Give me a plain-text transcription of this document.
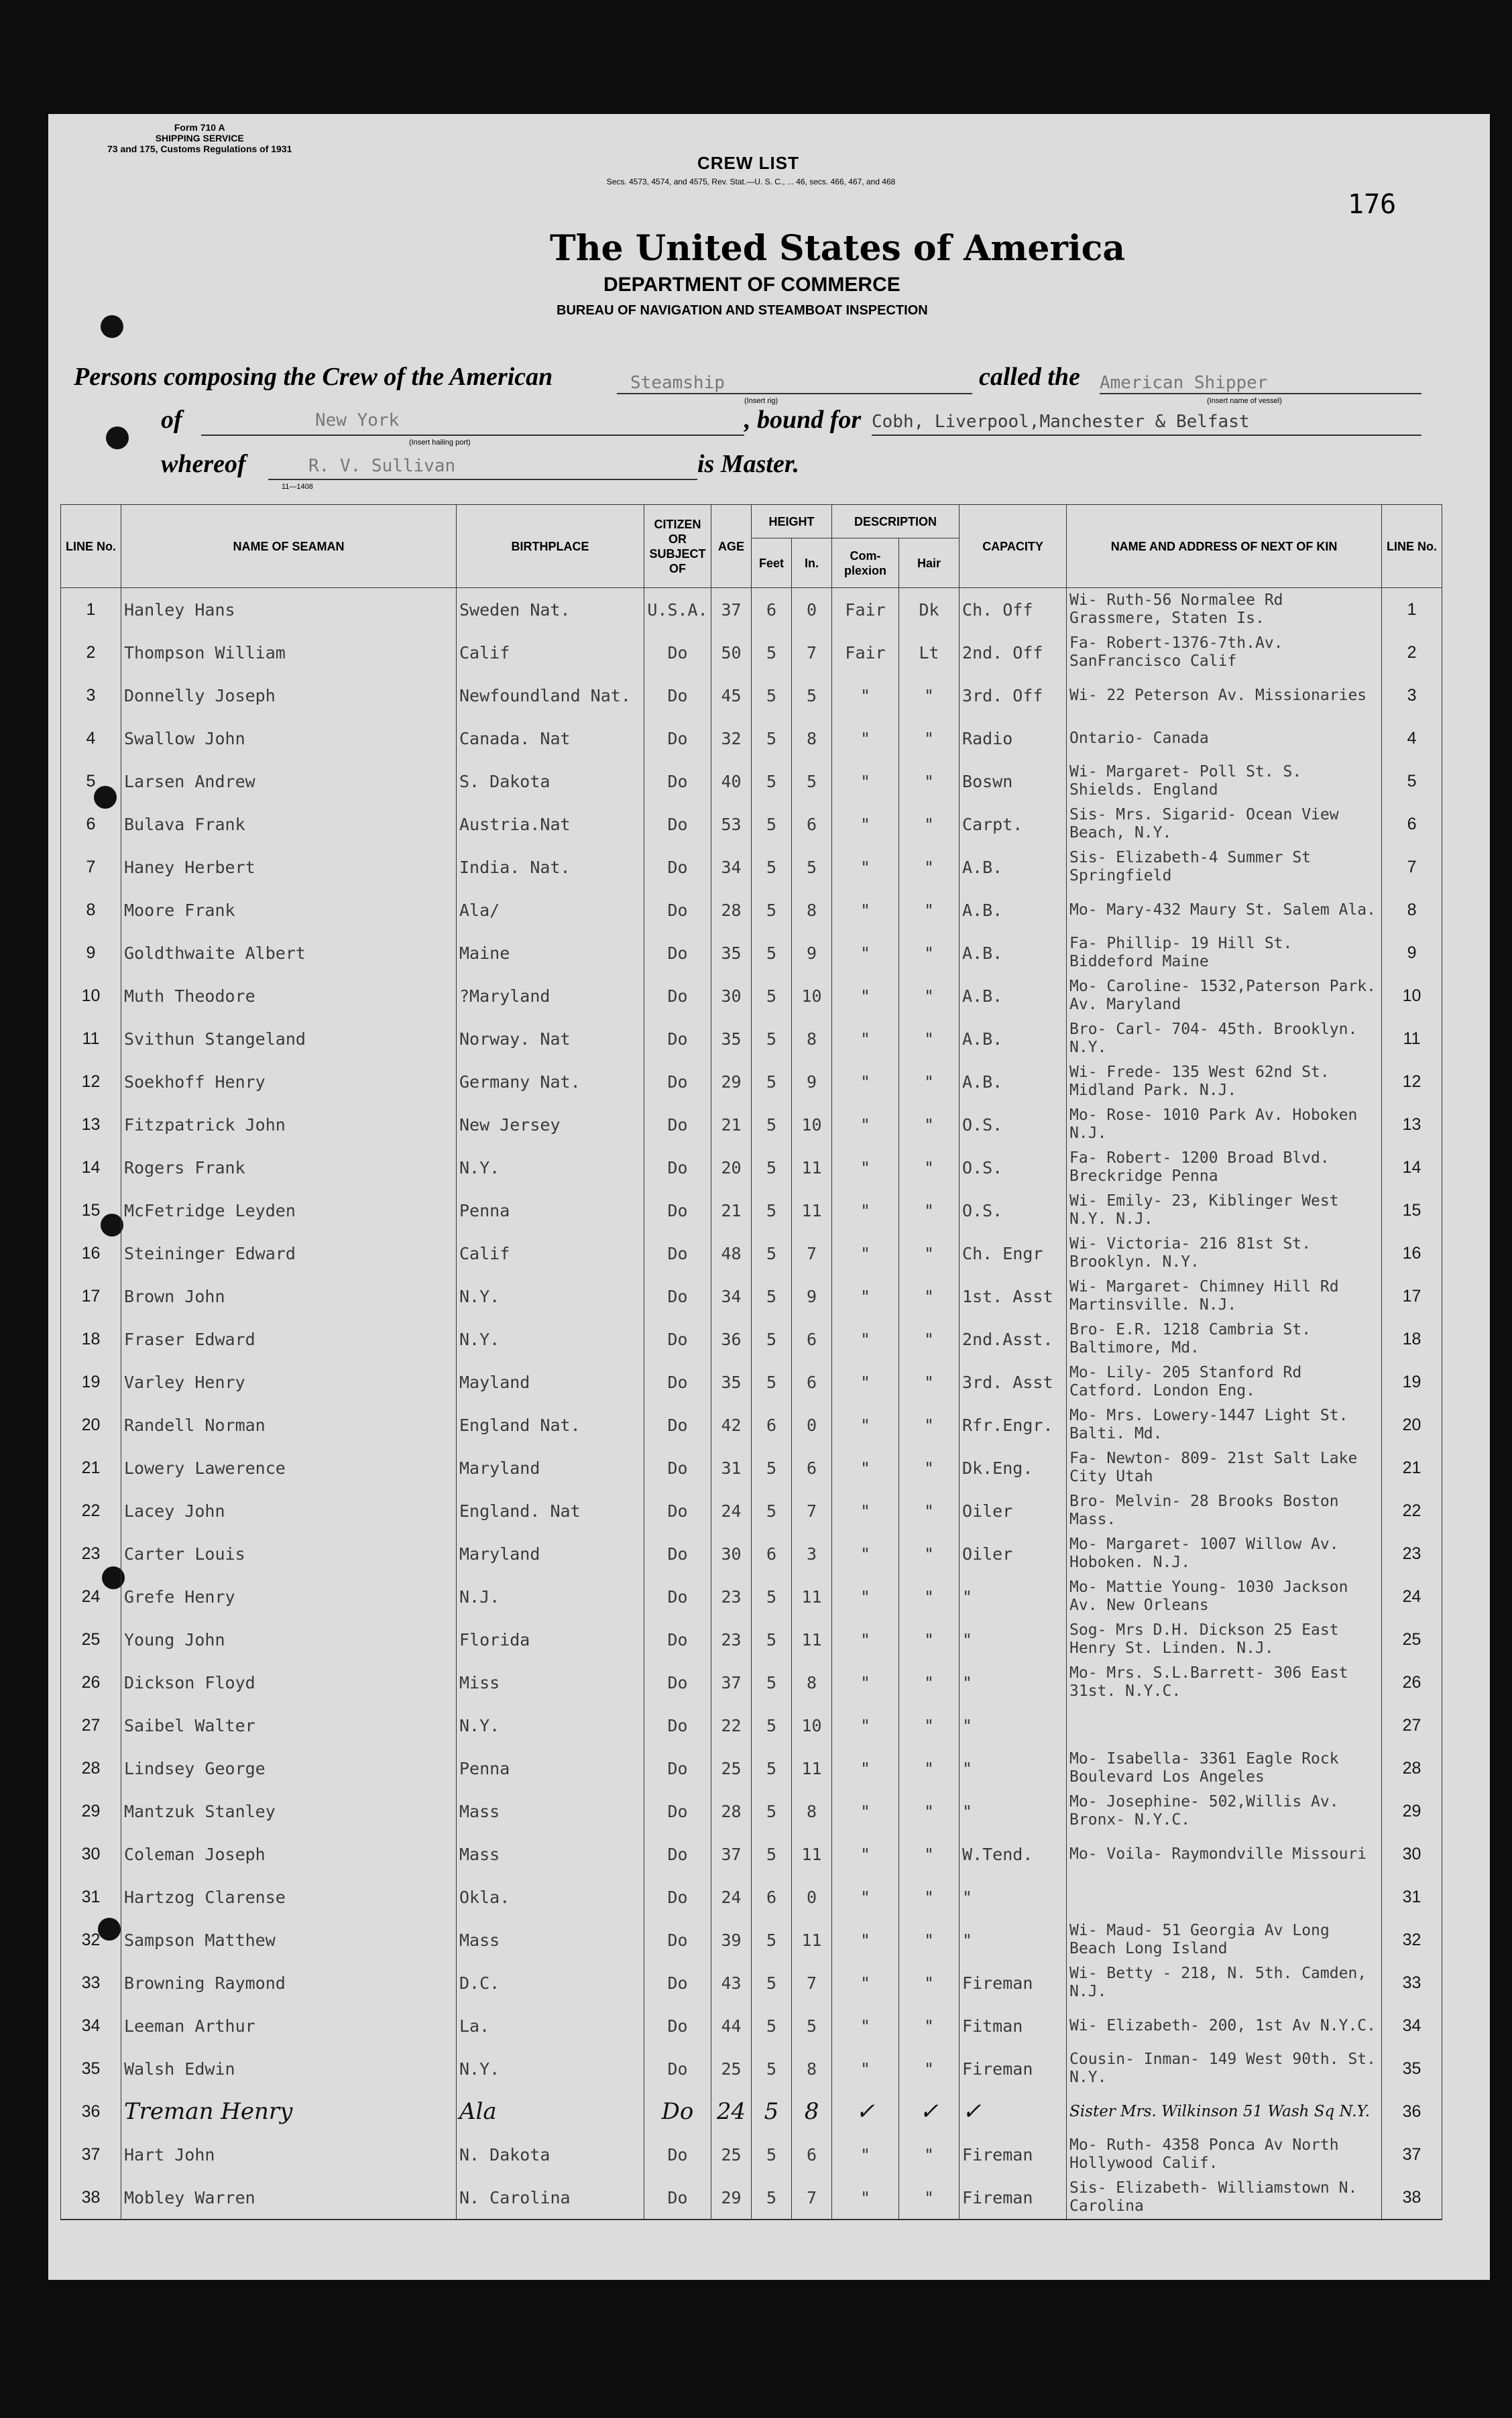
Form 710 A
SHIPPING SERVICE
73 and 175, Customs Regulations of 1931
CREW LIST
Secs. 4573, 4574, and 4575, Rev. Stat.—U. S. C., ... 46, secs. 466, 467, and 468
176
The United States of America
DEPARTMENT OF COMMERCE
BUREAU OF NAVIGATION AND STEAMBOAT INSPECTION
Persons composing the Crew of the American	Steamship
(Insert rig)
called the American Shipper
(Insert name of vessel)
of	New York
(Insert hailing port)
, bound for Cobh, Liverpool,Manchester & Belfast
whereof	R. V. Sullivan
11—1408
is Master.
LINE No.	NAME OF SEAMAN	BIRTHPLACE	CITIZEN OR SUBJECT OF	AGE	HEIGHT		DESCRIPTION		CAPACITY	NAME AND ADDRESS OF NEXT OF KIN	LINE No.
					Feet	In.	Com-plexion	Hair			
1	Hanley Hans	Sweden Nat.	U.S.A.	37	6	0	Fair	Dk	Ch. Off	Wi- Ruth-56 Normalee Rd Grassmere, Staten Is.	1
2	Thompson William	Calif	Do	50	5	7	Fair	Lt	2nd. Off	Fa- Robert-1376-7th.Av. SanFrancisco Calif	2
3	Donnelly Joseph	Newfoundland Nat.	Do	45	5	5	"	"	3rd. Off	Wi- 22 Peterson Av. Missionaries	3
4	Swallow John	Canada. Nat	Do	32	5	8	"	"	Radio	Ontario- Canada	4
5	Larsen Andrew	S. Dakota	Do	40	5	5	"	"	Boswn	Wi- Margaret- Poll St. S. Shields. England	5
6	Bulava Frank	Austria.Nat	Do	53	5	6	"	"	Carpt.	Sis- Mrs. Sigarid- Ocean View Beach, N.Y.	6
7	Haney Herbert	India. Nat.	Do	34	5	5	"	"	A.B.	Sis- Elizabeth-4 Summer St Springfield	7
8	Moore Frank	Ala/	Do	28	5	8	"	"	A.B.	Mo- Mary-432 Maury St. Salem Ala.	8
9	Goldthwaite Albert	Maine	Do	35	5	9	"	"	A.B.	Fa- Phillip- 19 Hill St. Biddeford Maine	9
10	Muth Theodore	?Maryland	Do	30	5	10	"	"	A.B.	Mo- Caroline- 1532,Paterson Park. Av. Maryland	10
11	Svithun Stangeland	Norway. Nat	Do	35	5	8	"	"	A.B.	Bro- Carl- 704- 45th. Brooklyn. N.Y.	11
12	Soekhoff Henry	Germany Nat.	Do	29	5	9	"	"	A.B.	Wi- Frede- 135 West 62nd St. Midland Park. N.J.	12
13	Fitzpatrick John	New Jersey	Do	21	5	10	"	"	O.S.	Mo- Rose- 1010 Park Av. Hoboken N.J.	13
14	Rogers Frank	N.Y.	Do	20	5	11	"	"	O.S.	Fa- Robert- 1200 Broad Blvd. Breckridge Penna	14
15	McFetridge Leyden	Penna	Do	21	5	11	"	"	O.S.	Wi- Emily- 23, Kiblinger West N.Y. N.J.	15
16	Steininger Edward	Calif	Do	48	5	7	"	"	Ch. Engr	Wi- Victoria- 216 81st St. Brooklyn. N.Y.	16
17	Brown John	N.Y.	Do	34	5	9	"	"	1st. Asst	Wi- Margaret- Chimney Hill Rd Martinsville. N.J.	17
18	Fraser Edward	N.Y.	Do	36	5	6	"	"	2nd.Asst.	Bro- E.R. 1218 Cambria St. Baltimore, Md.	18
19	Varley Henry	Mayland	Do	35	5	6	"	"	3rd. Asst	Mo- Lily- 205 Stanford Rd Catford. London Eng.	19
20	Randell Norman	England Nat.	Do	42	6	0	"	"	Rfr.Engr.	Mo- Mrs. Lowery-1447 Light St. Balti. Md.	20
21	Lowery Lawerence	Maryland	Do	31	5	6	"	"	Dk.Eng.	Fa- Newton- 809- 21st Salt Lake City Utah	21
22	Lacey John	England. Nat	Do	24	5	7	"	"	Oiler	Bro- Melvin- 28 Brooks Boston Mass.	22
23	Carter Louis	Maryland	Do	30	6	3	"	"	Oiler	Mo- Margaret- 1007 Willow Av. Hoboken. N.J.	23
24	Grefe Henry	N.J.	Do	23	5	11	"	"	"	Mo- Mattie Young- 1030 Jackson Av. New Orleans	24
25	Young John	Florida	Do	23	5	11	"	"	"	Sog- Mrs D.H. Dickson 25 East Henry St. Linden. N.J.	25
26	Dickson Floyd	Miss	Do	37	5	8	"	"	"	Mo- Mrs. S.L.Barrett- 306 East 31st. N.Y.C.	26
27	Saibel Walter	N.Y.	Do	22	5	10	"	"	"		27
28	Lindsey George	Penna	Do	25	5	11	"	"	"	Mo- Isabella- 3361 Eagle Rock Boulevard Los Angeles	28
29	Mantzuk Stanley	Mass	Do	28	5	8	"	"	"	Mo- Josephine- 502,Willis Av. Bronx- N.Y.C.	29
30	Coleman Joseph	Mass	Do	37	5	11	"	"	W.Tend.	Mo- Voila- Raymondville Missouri	30
31	Hartzog Clarense	Okla.	Do	24	6	0	"	"	"		31
32	Sampson Matthew	Mass	Do	39	5	11	"	"	"	Wi- Maud- 51 Georgia Av Long Beach Long Island	32
33	Browning Raymond	D.C.	Do	43	5	7	"	"	Fireman	Wi- Betty - 218, N. 5th. Camden, N.J.	33
34	Leeman Arthur	La.	Do	44	5	5	"	"	Fitman	Wi- Elizabeth- 200, 1st Av N.Y.C.	34
35	Walsh Edwin	N.Y.	Do	25	5	8	"	"	Fireman	Cousin- Inman- 149 West 90th. St. N.Y.	35
36	Treman Henry	Ala	Do	24	5	8	✓	✓	✓	Sister Mrs. Wilkinson 51 Wash Sq N.Y.	36
37	Hart John	N. Dakota	Do	25	5	6	"	"	Fireman	Mo- Ruth- 4358 Ponca Av North Hollywood Calif.	37
38	Mobley Warren	N. Carolina	Do	29	5	7	"	"	Fireman	Sis- Elizabeth- Williamstown N. Carolina	38
